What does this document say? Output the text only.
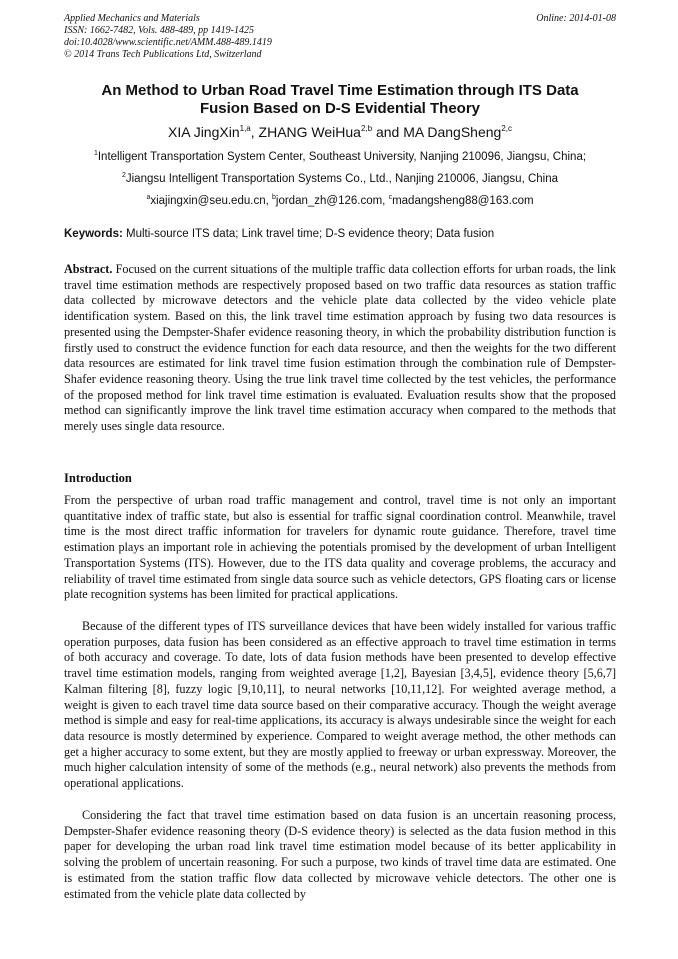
Applied Mechanics and Materials
ISSN: 1662-7482, Vols. 488-489, pp 1419-1425
doi:10.4028/www.scientific.net/AMM.488-489.1419
© 2014 Trans Tech Publications Ltd, Switzerland
Online: 2014-01-08
An Method to Urban Road Travel Time Estimation through ITS Data
Fusion Based on D-S Evidential Theory
XIA JingXin$^{1,a}$, ZHANG WeiHua$^{2,b}$ and MA DangSheng$^{2,c}$
$^1$Intelligent Transportation System Center, Southeast University, Nanjing 210096, Jiangsu, China;
$^2$Jiangsu Intelligent Transportation Systems Co., Ltd., Nanjing 210006, Jiangsu, China
$^a$xiajingxin@seu.edu.cn, $^b$jordan_zh@126.com, $^c$madangsheng88@163.com
Keywords: Multi-source ITS data; Link travel time; D-S evidence theory; Data fusion

Abstract. Focused on the current situations of the multiple traffic data collection efforts for urban roads, the link travel time estimation methods are respectively proposed based on two traffic data resources as station traffic data collected by microwave detectors and the vehicle plate data collected by the video vehicle plate identification system. Based on this, the link travel time estimation approach by fusing two data resources is presented using the Dempster-Shafer evidence reasoning theory, in which the probability distribution function is firstly used to construct the evidence function for each data resource, and then the weights for the two different data resources are estimated for link travel time fusion estimation through the combination rule of Dempster-Shafer evidence reasoning theory. Using the true link travel time collected by the test vehicles, the performance of the proposed method for link travel time estimation is evaluated. Evaluation results show that the proposed method can significantly improve the link travel time estimation accuracy when compared to the methods that merely uses single data resource.

Introduction

From the perspective of urban road traffic management and control, travel time is not only an important quantitative index of traffic state, but also is essential for traffic signal coordination control. Meanwhile, travel time is the most direct traffic information for travelers for dynamic route guidance. Therefore, travel time estimation plays an important role in achieving the potentials promised by the development of urban Intelligent Transportation Systems (ITS). However, due to the ITS data quality and coverage problems, the accuracy and reliability of travel time estimated from single data source such as vehicle detectors, GPS floating cars or license plate recognition systems has been limited for practical applications.

Because of the different types of ITS surveillance devices that have been widely installed for various traffic operation purposes, data fusion has been considered as an effective approach to travel time estimation in terms of both accuracy and coverage. To date, lots of data fusion methods have been presented to develop effective travel time estimation models, ranging from weighted average [1,2], Bayesian [3,4,5], evidence theory [5,6,7] Kalman filtering [8], fuzzy logic [9,10,11], to neural networks [10,11,12]. For weighted average method, a weight is given to each travel time data source based on their comparative accuracy. Though the weight average method is simple and easy for real-time applications, its accuracy is always undesirable since the weight for each data resource is mostly determined by experience. Compared to weight average method, the other methods can get a higher accuracy to some extent, but they are mostly applied to freeway or urban expressway. Moreover, the much higher calculation intensity of some of the methods (e.g., neural network) also prevents the methods from operational applications.

Considering the fact that travel time estimation based on data fusion is an uncertain reasoning process, Dempster-Shafer evidence reasoning theory (D-S evidence theory) is selected as the data fusion method in this paper for developing the urban road link travel time estimation model because of its better applicability in solving the problem of uncertain reasoning. For such a purpose, two kinds of travel time data are estimated. One is estimated from the station traffic flow data collected by microwave vehicle detectors. The other one is estimated from the vehicle plate data collected by
